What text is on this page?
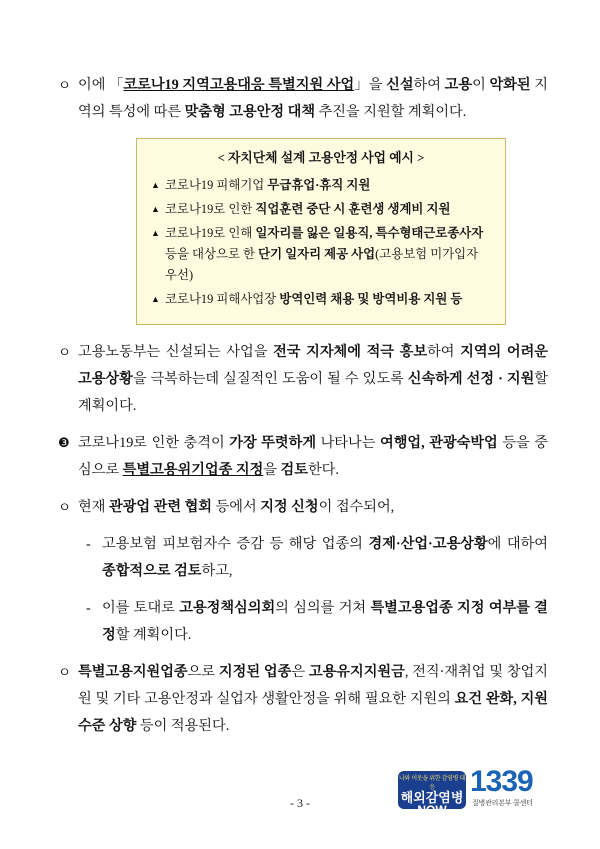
ㅇ 이에 「코로나19 지역고용대응 특별지원 사업」을 신설하여 고용이 악화된 지역의 특성에 따른 맞춤형 고용안정 대책 추진을 지원할 계획이다.
< 자치단체 설계 고용안정 사업 예시 >
▲ 코로나19 피해기업 무급휴업·휴직 지원
▲ 코로나19로 인한 직업훈련 중단 시 훈련생 생계비 지원
▲ 코로나19로 인해 일자리를 잃은 일용직, 특수형태근로종사자 등을 대상으로 한 단기 일자리 제공 사업(고용보험 미가입자 우선)
▲ 코로나19 피해사업장 방역인력 채용 및 방역비용 지원 등
ㅇ 고용노동부는 신설되는 사업을 전국 지자체에 적극 홍보하여 지역의 어려운 고용상황을 극복하는데 실질적인 도움이 될 수 있도록 신속하게 선정 · 지원할 계획이다.
❸ 코로나19로 인한 충격이 가장 뚜렷하게 나타나는 여행업, 관광숙박업 등을 중심으로 특별고용위기업종 지정을 검토한다.
ㅇ 현재 관광업 관련 협회 등에서 지정 신청이 접수되어,
- 고용보험 피보험자수 증감 등 해당 업종의 경제·산업·고용상황에 대하여 종합적으로 검토하고,
- 이를 토대로 고용정책심의회의 심의를 거쳐 특별고용업종 지정 여부를 결정할 계획이다.
ㅇ 특별고용지원업종으로 지정된 업종은 고용유지지원금, 전직·재취업 및 창업지원 및 기타 고용안정과 실업자 생활안정을 위해 필요한 지원의 요건 완화, 지원수준 상향 등이 적용된다.
- 3 -
나와 이웃을 위한 감염병 대응
해외감염병
NOW
1339
질병관리본부 콜센터
